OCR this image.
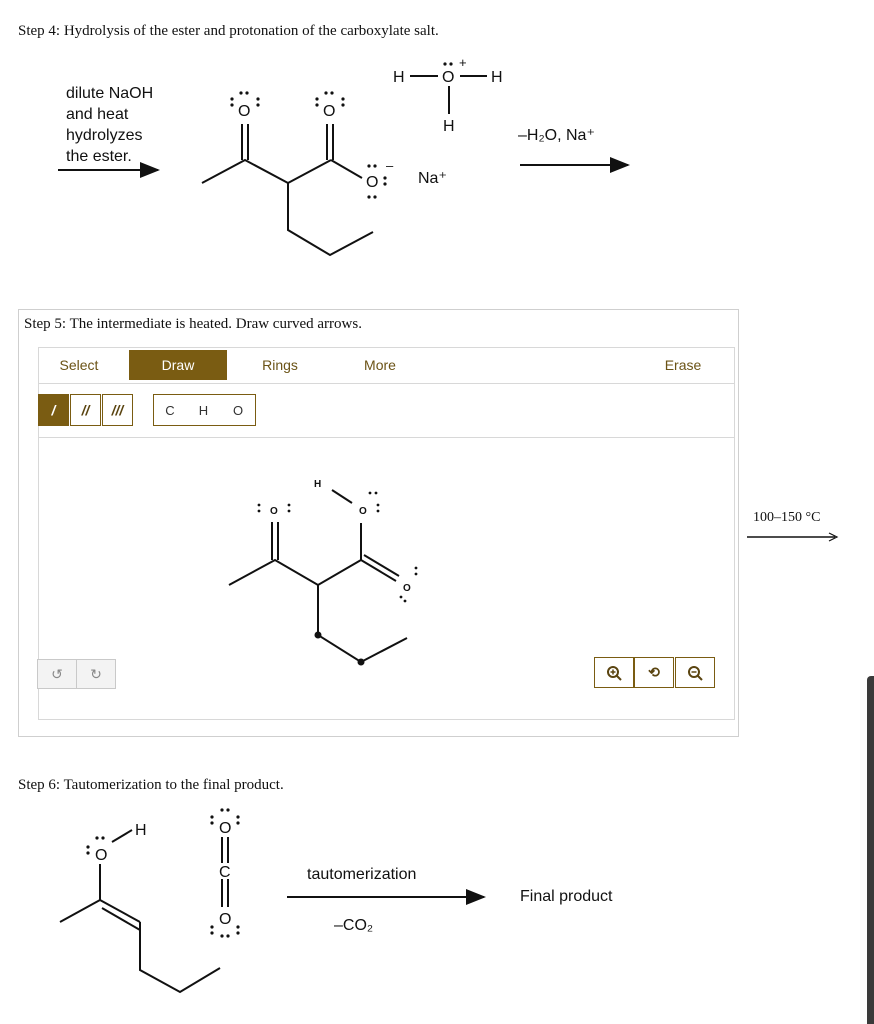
Step 4: Hydrolysis of the ester and protonation of the carboxylate salt.
dilute NaOH
and heat
hydrolyzes
the ester.
–H₂O, Na⁺
Na⁺
O	O
O
H O H
H
+
–
Step 5: The intermediate is heated. Draw curved arrows.
Select	Draw	Rings	More	Erase
/	//	///	C	H	O
O	O
H
O
↺ ↻	⟲
100–150 °C
Step 6: Tautomerization to the final product.
tautomerization
–CO₂
Final product
O
H	O
C
O
